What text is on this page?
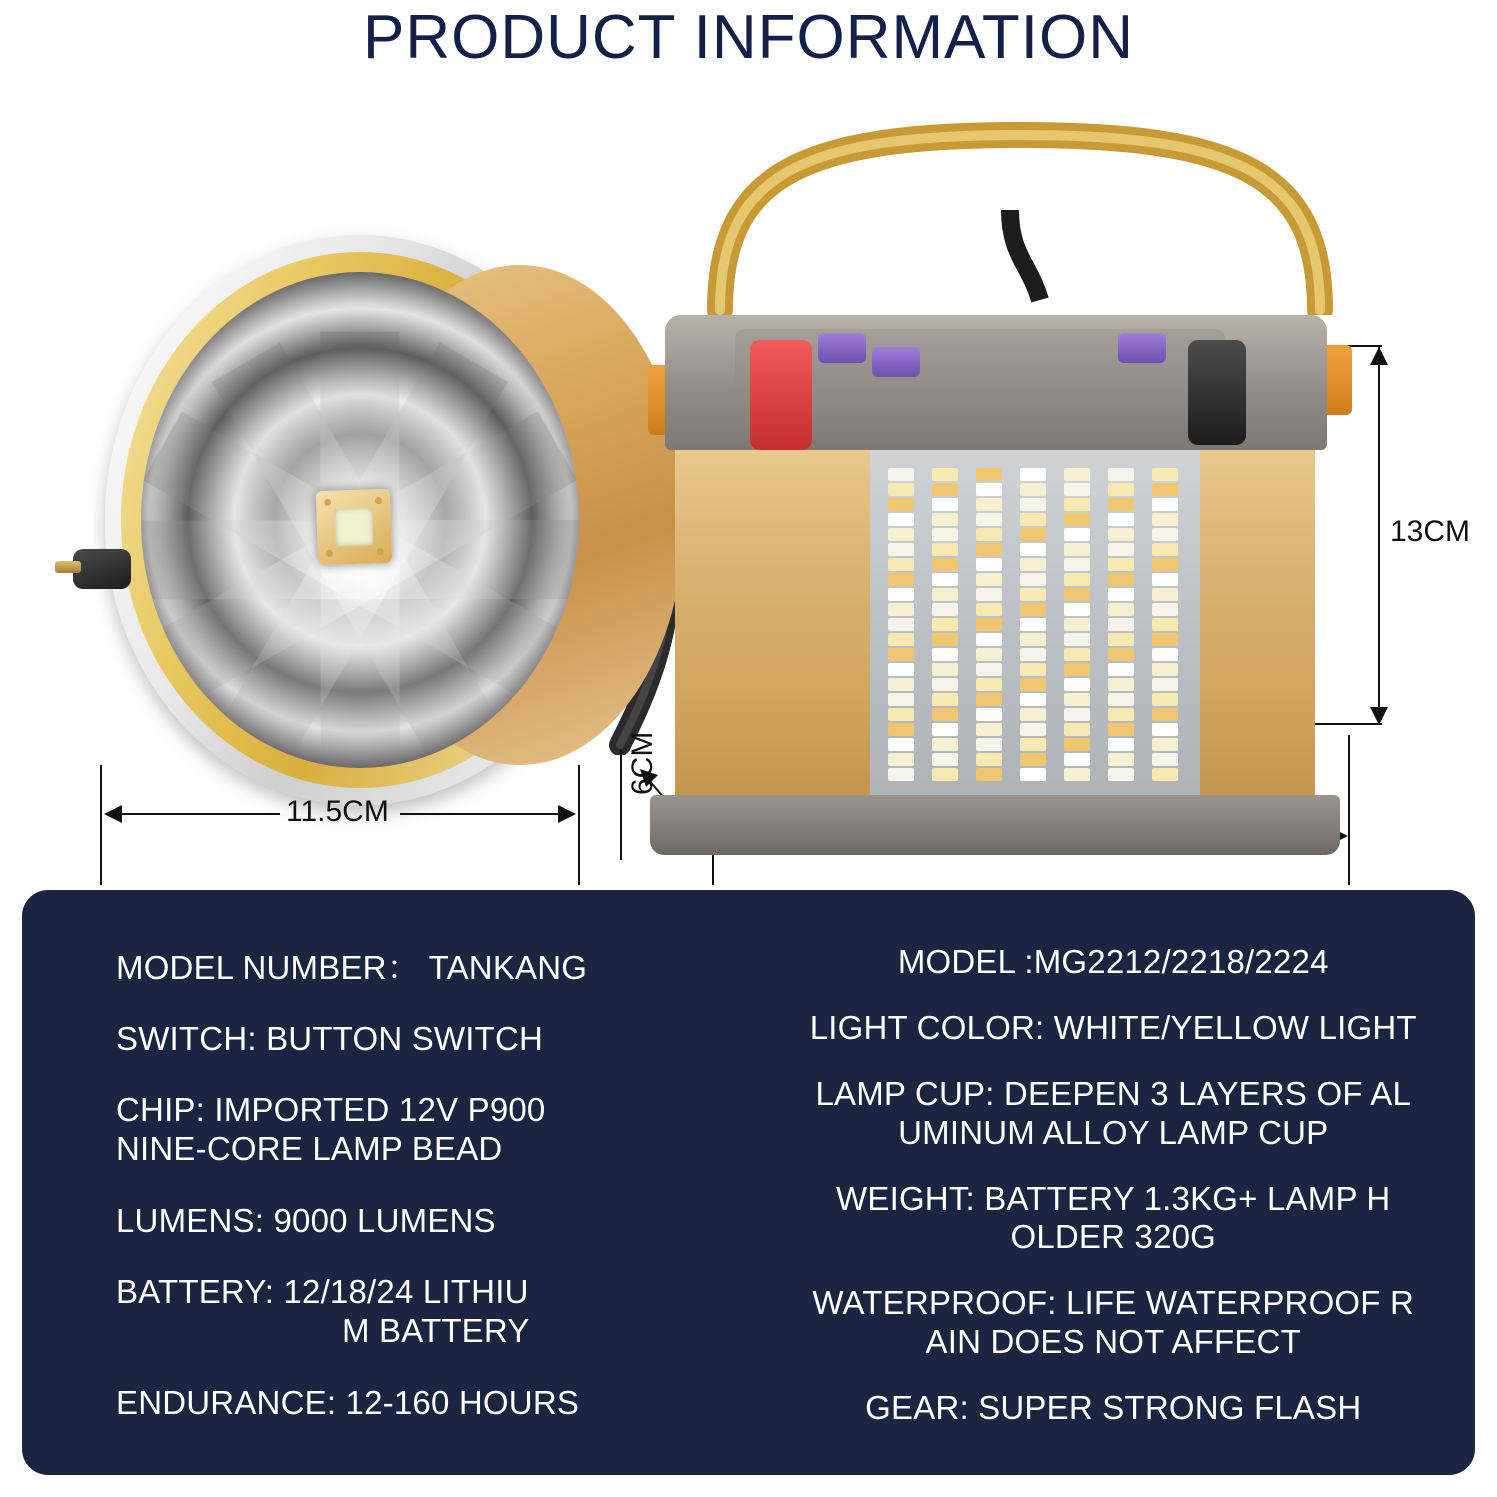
PRODUCT INFORMATION
11.5CM
13CM
6CM
MODEL NUMBER： TANKANG
SWITCH: BUTTON SWITCH
CHIP: IMPORTED 12V P900
NINE-CORE LAMP BEAD
LUMENS: 9000 LUMENS
BATTERY: 12/18/24 LITHIU
M BATTERY
ENDURANCE: 12-160 HOURS
MODEL :MG2212/2218/2224
LIGHT COLOR: WHITE/YELLOW LIGHT
LAMP CUP: DEEPEN 3 LAYERS OF AL
UMINUM ALLOY LAMP CUP
WEIGHT: BATTERY 1.3KG+ LAMP H
OLDER 320G
WATERPROOF: LIFE WATERPROOF R
AIN DOES NOT AFFECT
GEAR: SUPER STRONG FLASH
